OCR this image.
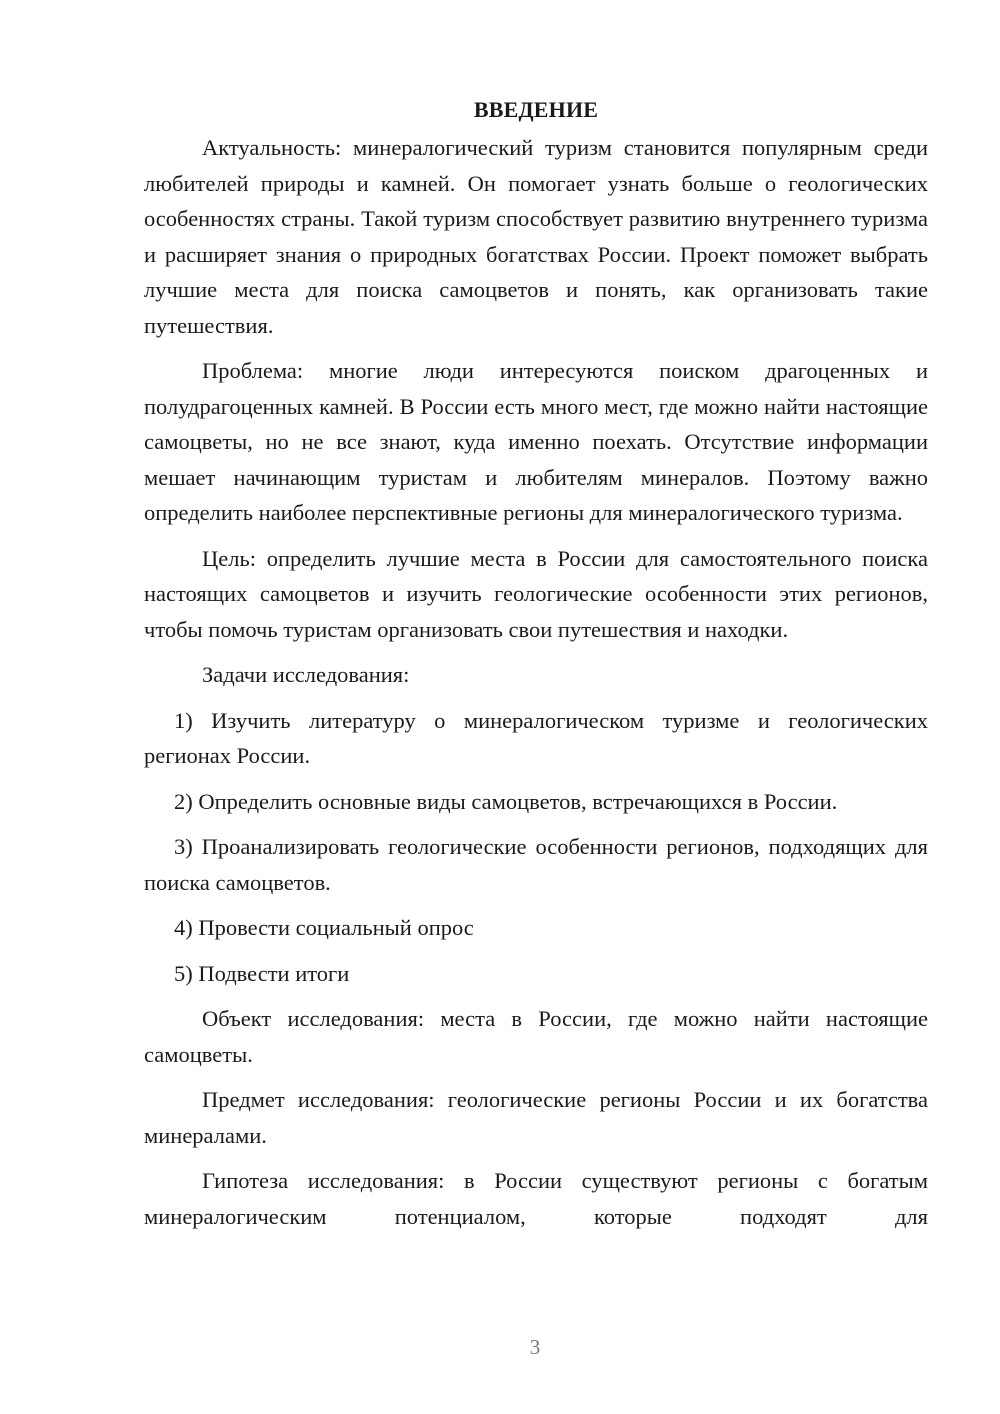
ВВЕДЕНИЕ

Актуальность: минералогический туризм становится популярным среди любителей природы и камней. Он помогает узнать больше о геологических особенностях страны. Такой туризм способствует развитию внутреннего туризма и расширяет знания о природных богатствах России. Проект поможет выбрать лучшие места для поиска самоцветов и понять, как организовать такие путешествия.

Проблема: многие люди интересуются поиском драгоценных и полудрагоценных камней. В России есть много мест, где можно найти настоящие самоцветы, но не все знают, куда именно поехать. Отсутствие информации мешает начинающим туристам и любителям минералов. Поэтому важно определить наиболее перспективные регионы для минералогического туризма.

Цель: определить лучшие места в России для самостоятельного поиска настоящих самоцветов и изучить геологические особенности этих регионов, чтобы помочь туристам организовать свои путешествия и находки.

Задачи исследования:

1) Изучить литературу о минералогическом туризме и геологических регионах России.

2) Определить основные виды самоцветов, встречающихся в России.

3) Проанализировать геологические особенности регионов, подходящих для поиска самоцветов.

4) Провести социальный опрос

5) Подвести итоги

Объект исследования: места в России, где можно найти настоящие самоцветы.

Предмет исследования: геологические регионы России и их богатства минералами.

Гипотеза исследования: в России существуют регионы с богатым минералогическим потенциалом, которые подходят для

3
